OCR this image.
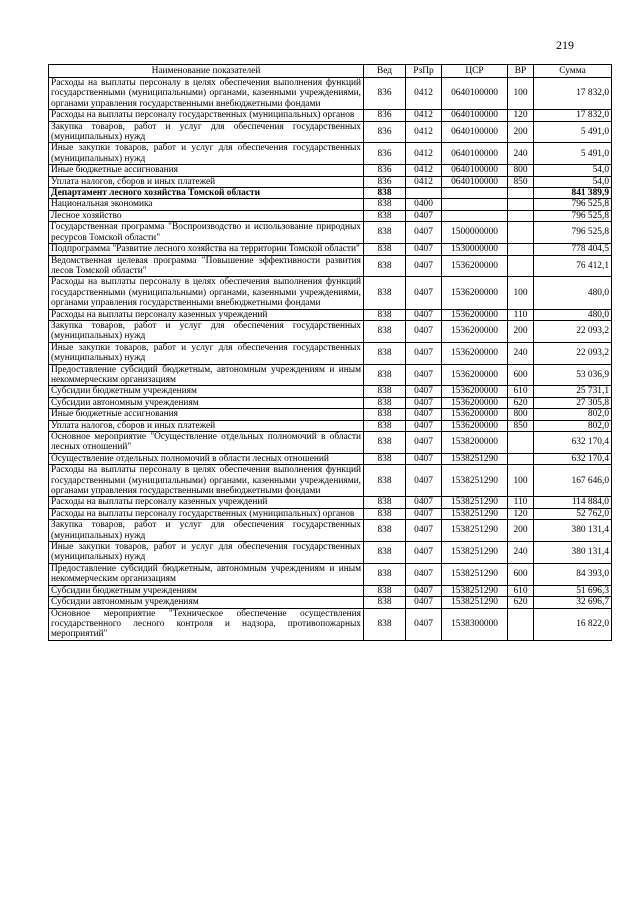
219
Наименование показателей	Вед	РзПр	ЦСР	ВР	Сумма
Расходы на выплаты персоналу в целях обеспечения выполнения функций государственными (муниципальными) органами, казенными учреждениями, органами управления государственными внебюджетными фондами	836	0412	0640100000	100	17 832,0
Расходы на выплаты персоналу государственных (муниципальных) органов	836	0412	0640100000	120	17 832,0
Закупка товаров, работ и услуг для обеспечения государственных (муниципальных) нужд	836	0412	0640100000	200	5 491,0
Иные закупки товаров, работ и услуг для обеспечения государственных (муниципальных) нужд	836	0412	0640100000	240	5 491,0
Иные бюджетные ассигнования	836	0412	0640100000	800	54,0
Уплата налогов, сборов и иных платежей	836	0412	0640100000	850	54,0
Департамент лесного хозяйства Томской области	838				841 389,9
Национальная экономика	838	0400			796 525,8
Лесное хозяйство	838	0407			796 525,8
Государственная программа "Воспроизводство и использование природных ресурсов Томской области"	838	0407	1500000000		796 525,8
Подпрограмма "Развитие лесного хозяйства на территории Томской области"	838	0407	1530000000		778 404,5
Ведомственная целевая программа "Повышение эффективности развития лесов Томской области"	838	0407	1536200000		76 412,1
Расходы на выплаты персоналу в целях обеспечения выполнения функций государственными (муниципальными) органами, казенными учреждениями, органами управления государственными внебюджетными фондами	838	0407	1536200000	100	480,0
Расходы на выплаты персоналу казенных учреждений	838	0407	1536200000	110	480,0
Закупка товаров, работ и услуг для обеспечения государственных (муниципальных) нужд	838	0407	1536200000	200	22 093,2
Иные закупки товаров, работ и услуг для обеспечения государственных (муниципальных) нужд	838	0407	1536200000	240	22 093,2
Предоставление субсидий бюджетным, автономным учреждениям и иным некоммерческим организациям	838	0407	1536200000	600	53 036,9
Субсидии бюджетным учреждениям	838	0407	1536200000	610	25 731,1
Субсидии автономным учреждениям	838	0407	1536200000	620	27 305,8
Иные бюджетные ассигнования	838	0407	1536200000	800	802,0
Уплата налогов, сборов и иных платежей	838	0407	1536200000	850	802,0
Основное мероприятие "Осуществление отдельных полномочий в области лесных отношений"	838	0407	1538200000		632 170,4
Осуществление отдельных полномочий в области лесных отношений	838	0407	1538251290		632 170,4
Расходы на выплаты персоналу в целях обеспечения выполнения функций государственными (муниципальными) органами, казенными учреждениями, органами управления государственными внебюджетными фондами	838	0407	1538251290	100	167 646,0
Расходы на выплаты персоналу казенных учреждений	838	0407	1538251290	110	114 884,0
Расходы на выплаты персоналу государственных (муниципальных) органов	838	0407	1538251290	120	52 762,0
Закупка товаров, работ и услуг для обеспечения государственных (муниципальных) нужд	838	0407	1538251290	200	380 131,4
Иные закупки товаров, работ и услуг для обеспечения государственных (муниципальных) нужд	838	0407	1538251290	240	380 131,4
Предоставление субсидий бюджетным, автономным учреждениям и иным некоммерческим организациям	838	0407	1538251290	600	84 393,0
Субсидии бюджетным учреждениям	838	0407	1538251290	610	51 696,3
Субсидии автономным учреждениям	838	0407	1538251290	620	32 696,7
Основное мероприятие "Техническое обеспечение осуществления государственного лесного контроля и надзора, противопожарных мероприятий"	838	0407	1538300000		16 822,0
